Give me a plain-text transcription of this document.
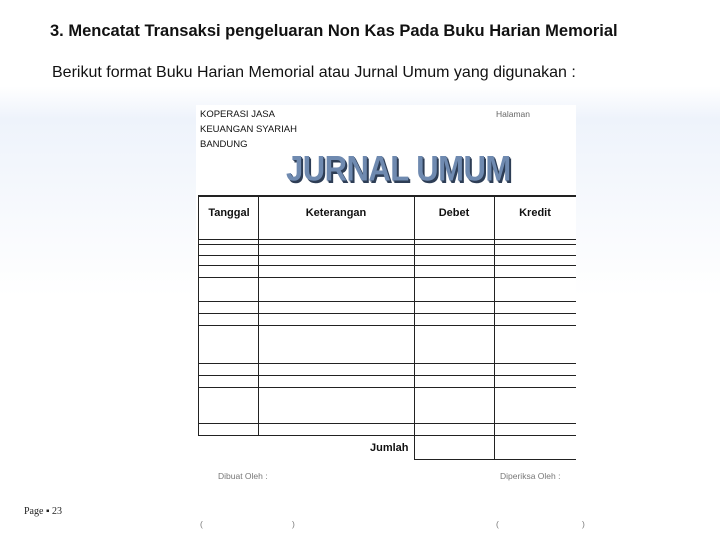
3. Mencatat Transaksi pengeluaran Non Kas Pada Buku Harian Memorial
Berikut format Buku Harian Memorial atau Jurnal Umum yang digunakan :
Page ▪ 23
KOPERASI JASA
KEUANGAN SYARIAH
BANDUNG
Halaman
JURNAL UMUM
Tanggal	Keterangan	Debet	Kredit
Jumlah
Dibuat Oleh :	Diperiksa Oleh :
(	)	(	)
